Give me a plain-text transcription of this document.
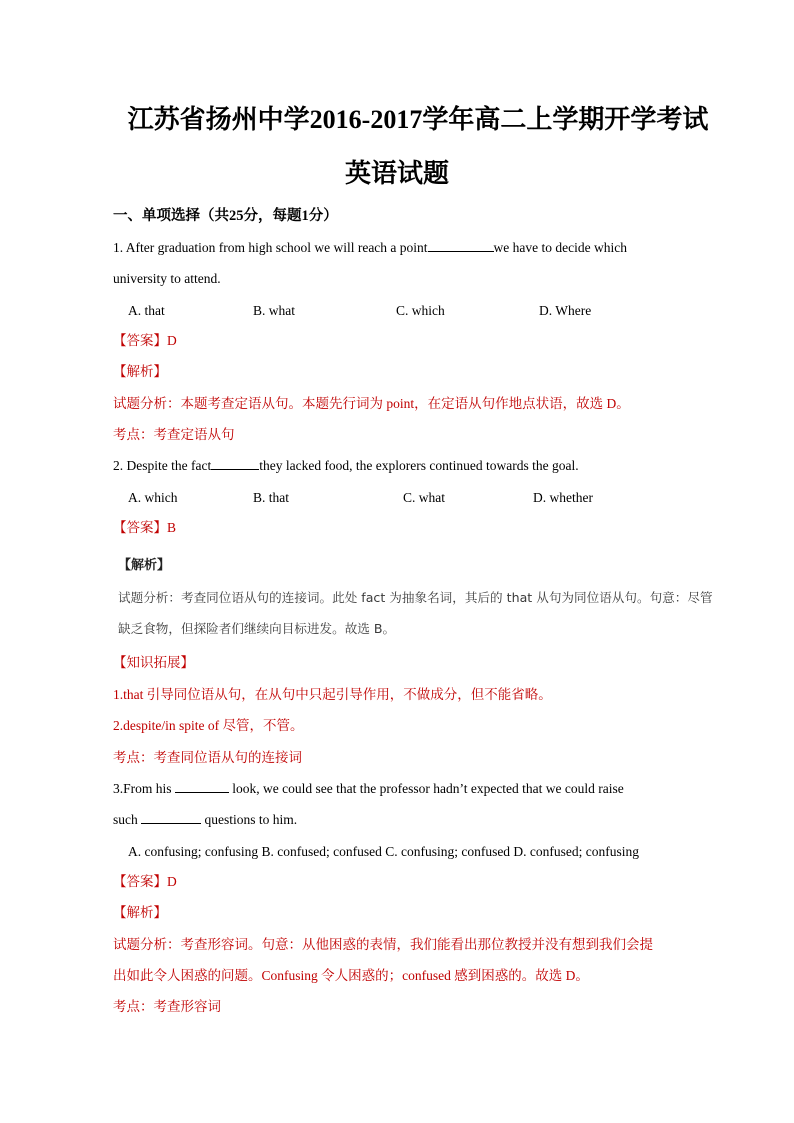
江苏省扬州中学2016-2017学年高二上学期开学考试
英语试题
一、单项选择（共25分，每题1分）
1. After graduation from high school we will reach a point	we have to decide which
university to attend.
A. that	B. what	C. which	D. Where
【答案】D
【解析】
试题分析：本题考查定语从句。本题先行词为 point，在定语从句作地点状语，故选 D。
考点：考查定语从句
2. Despite the fact	they lacked food, the explorers continued towards the goal.
A. which	B. that	C. what	D. whether
【答案】B
【解析】
试题分析：考查同位语从句的连接词。此处 fact 为抽象名词，其后的 that 从句为同位语从句。句意：尽管
缺乏食物，但探险者们继续向目标进发。故选 B。
【知识拓展】
1.that 引导同位语从句，在从句中只起引导作用，不做成分，但不能省略。
2.despite/in spite of 尽管，不管。
考点：考查同位语从句的连接词
3.From his	look, we could see that the professor hadn’t expected that we could raise
such	questions to him.
A. confusing; confusing B. confused; confused C. confusing; confused D. confused; confusing
【答案】D
【解析】
试题分析：考查形容词。句意：从他困惑的表情，我们能看出那位教授并没有想到我们会提
出如此令人困惑的问题。Confusing 令人困惑的；confused 感到困惑的。故选 D。
考点：考查形容词
